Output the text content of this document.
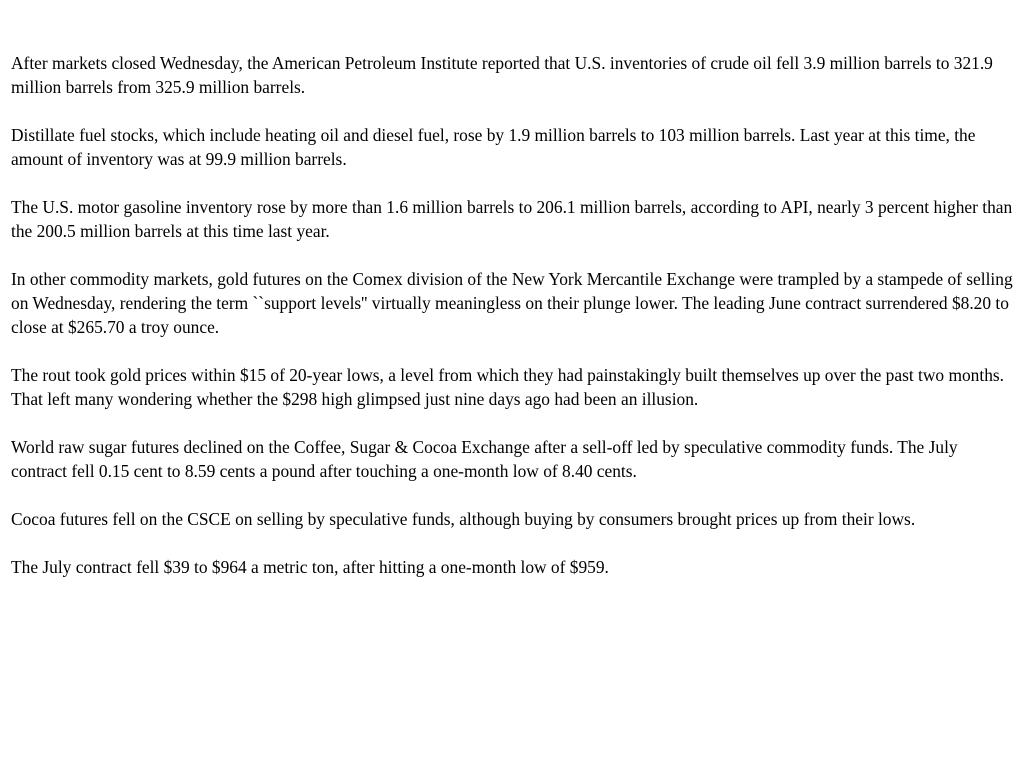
After markets closed Wednesday, the American Petroleum Institute reported that U.S. inventories of crude oil fell 3.9 million barrels to 321.9 million barrels from 325.9 million barrels.

Distillate fuel stocks, which include heating oil and diesel fuel, rose by 1.9 million barrels to 103 million barrels. Last year at this time, the amount of inventory was at 99.9 million barrels.

The U.S. motor gasoline inventory rose by more than 1.6 million barrels to 206.1 million barrels, according to API, nearly 3 percent higher than the 200.5 million barrels at this time last year.

In other commodity markets, gold futures on the Comex division of the New York Mercantile Exchange were trampled by a stampede of selling on Wednesday, rendering the term ``support levels'' virtually meaningless on their plunge lower. The leading June contract surrendered $8.20 to close at $265.70 a troy ounce.

The rout took gold prices within $15 of 20-year lows, a level from which they had painstakingly built themselves up over the past two months. That left many wondering whether the $298 high glimpsed just nine days ago had been an illusion.

World raw sugar futures declined on the Coffee, Sugar & Cocoa Exchange after a sell-off led by speculative commodity funds. The July contract fell 0.15 cent to 8.59 cents a pound after touching a one-month low of 8.40 cents.

Cocoa futures fell on the CSCE on selling by speculative funds, although buying by consumers brought prices up from their lows.

The July contract fell $39 to $964 a metric ton, after hitting a one-month low of $959.
